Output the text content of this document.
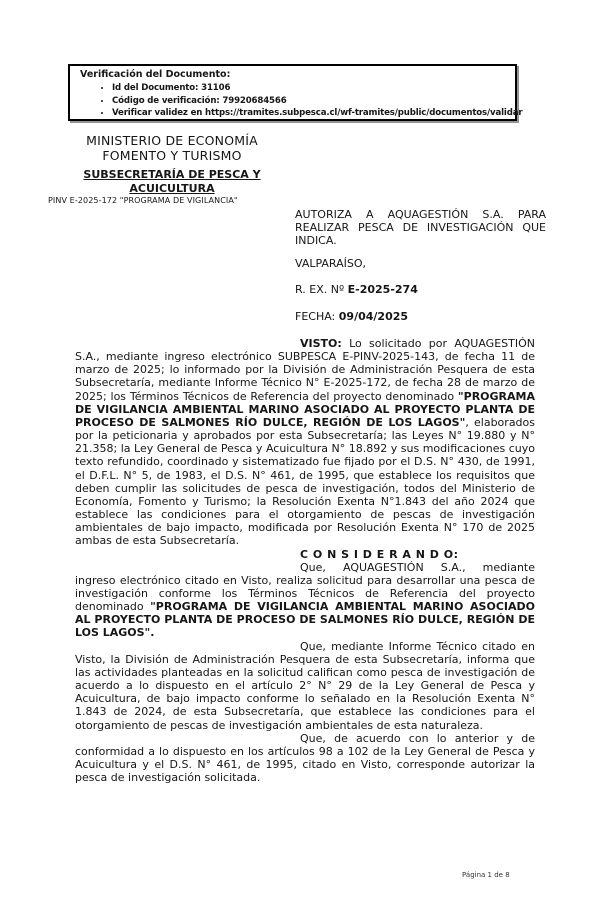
Verificación del Documento:
• Id del Documento: 31106
• Código de verificación: 79920684566
• Verificar validez en https://tramites.subpesca.cl/wf-tramites/public/documentos/validar
MINISTERIO DE ECONOMÍA
FOMENTO Y TURISMO
SUBSECRETARÍA DE PESCA Y
ACUICULTURA
PINV E-2025-172 "PROGRAMA DE VIGILANCIA"
AUTORIZA A AQUAGESTIÓN S.A. PARA REALIZAR PESCA DE INVESTIGACIÓN QUE INDICA.
VALPARAÍSO,
R. EX. Nº E-2025-274
FECHA: 09/04/2025

VISTO: Lo solicitado por AQUAGESTIÓN S.A., mediante ingreso electrónico SUBPESCA E-PINV-2025-143, de fecha 11 de marzo de 2025; lo informado por la División de Administración Pesquera de esta Subsecretaría, mediante Informe Técnico N° E-2025-172, de fecha 28 de marzo de 2025; los Términos Técnicos de Referencia del proyecto denominado "PROGRAMA DE VIGILANCIA AMBIENTAL MARINO ASOCIADO AL PROYECTO PLANTA DE PROCESO DE SALMONES RÍO DULCE, REGIÓN DE LOS LAGOS", elaborados por la peticionaria y aprobados por esta Subsecretaría; las Leyes N° 19.880 y N° 21.358; la Ley General de Pesca y Acuicultura N° 18.892 y sus modificaciones cuyo texto refundido, coordinado y sistematizado fue fijado por el D.S. N° 430, de 1991, el D.F.L. N° 5, de 1983, el D.S. N° 461, de 1995, que establece los requisitos que deben cumplir las solicitudes de pesca de investigación, todos del Ministerio de Economía, Fomento y Turismo; la Resolución Exenta N°1.843 del año 2024 que establece las condiciones para el otorgamiento de pescas de investigación ambientales de bajo impacto, modificada por Resolución Exenta N° 170 de 2025 ambas de esta Subsecretaría.

C O N S I D E R A N D O:

Que, AQUAGESTIÓN S.A., mediante ingreso electrónico citado en Visto, realiza solicitud para desarrollar una pesca de investigación conforme los Términos Técnicos de Referencia del proyecto denominado "PROGRAMA DE VIGILANCIA AMBIENTAL MARINO ASOCIADO AL PROYECTO PLANTA DE PROCESO DE SALMONES RÍO DULCE, REGIÓN DE LOS LAGOS".

Que, mediante Informe Técnico citado en Visto, la División de Administración Pesquera de esta Subsecretaría, informa que las actividades planteadas en la solicitud califican como pesca de investigación de acuerdo a lo dispuesto en el artículo 2° N° 29 de la Ley General de Pesca y Acuicultura, de bajo impacto conforme lo señalado en la Resolución Exenta N° 1.843 de 2024, de esta Subsecretaría, que establece las condiciones para el otorgamiento de pescas de investigación ambientales de esta naturaleza.

Que, de acuerdo con lo anterior y de conformidad a lo dispuesto en los artículos 98 a 102 de la Ley General de Pesca y Acuicultura y el D.S. N° 461, de 1995, citado en Visto, corresponde autorizar la pesca de investigación solicitada.

Página 1 de 8
